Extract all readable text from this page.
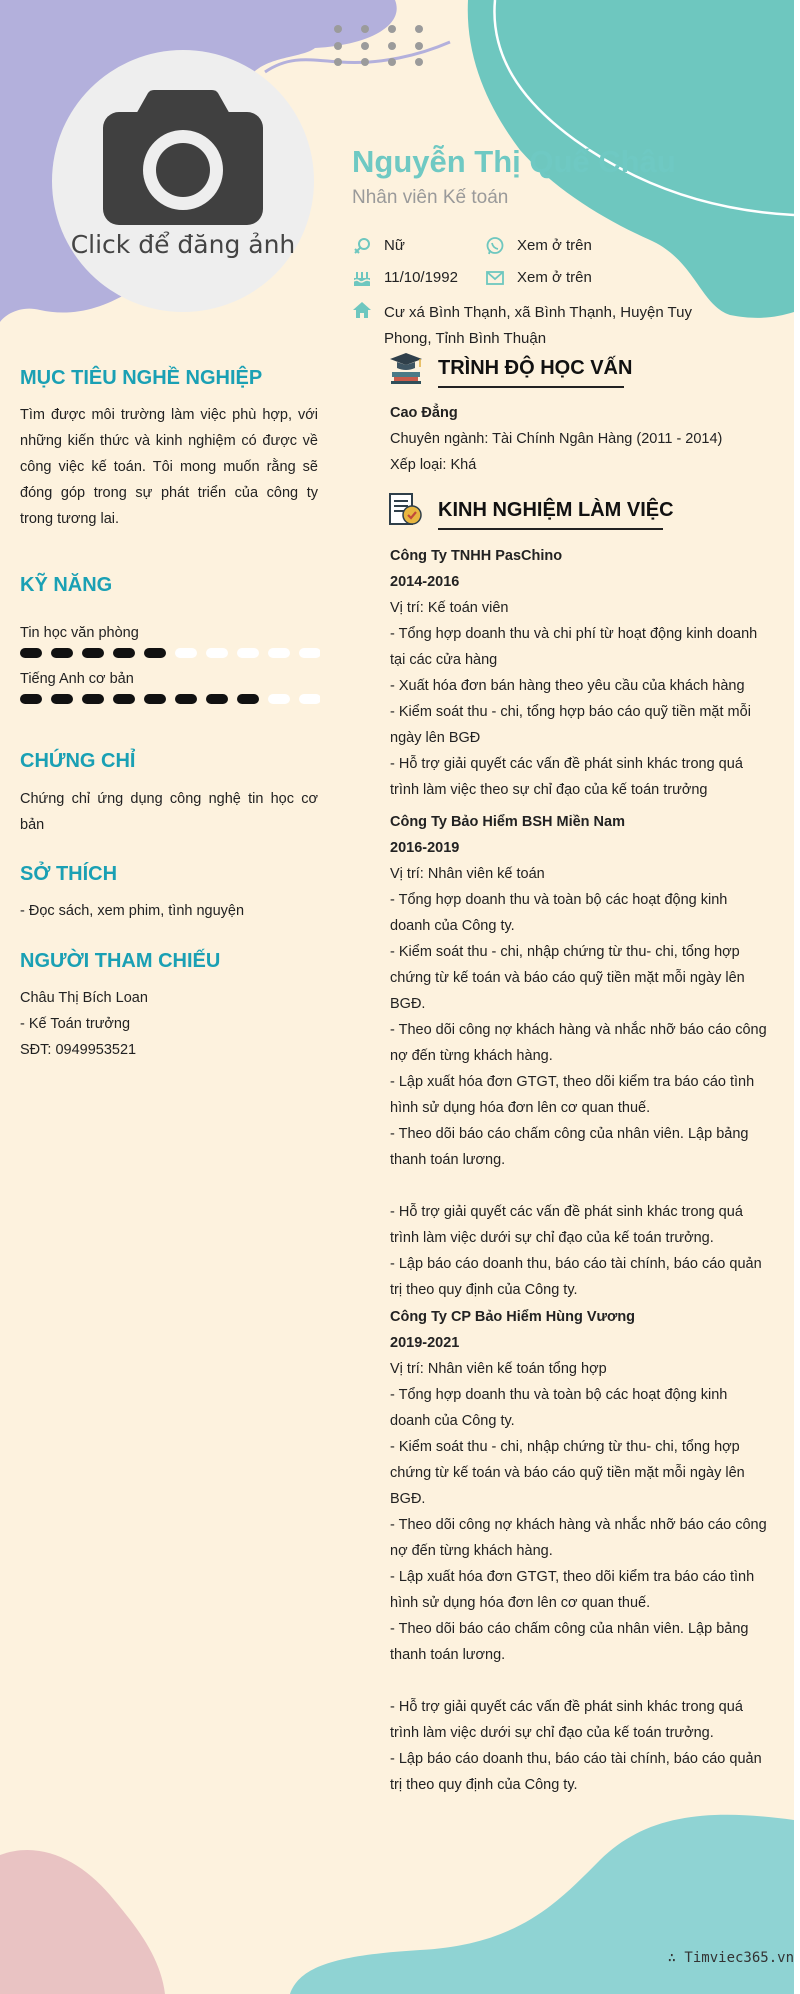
Click để đăng ảnh
Nguyễn Thị Quế Châu
Nhân viên Kế toán
Nữ	Xem ở trên
11/10/1992	Xem ở trên
Cư xá Bình Thạnh, xã Bình Thạnh, Huyện Tuy Phong, Tỉnh Bình Thuận
MỤC TIÊU NGHỀ NGHIỆP
Tìm được môi trường làm việc phù hợp, với những kiến thức và kinh nghiệm có được về công việc kế toán. Tôi mong muốn rằng sẽ đóng góp trong sự phát triển của công ty trong tương lai.
KỸ NĂNG
Tin học văn phòng
Tiếng Anh cơ bản
CHỨNG CHỈ
Chứng chỉ ứng dụng công nghệ tin học cơ bản
SỞ THÍCH
- Đọc sách, xem phim, tình nguyện
NGƯỜI THAM CHIẾU
Châu Thị Bích Loan
- Kế Toán trưởng
SĐT: 0949953521
TRÌNH ĐỘ HỌC VẤN
Cao Đẳng
Chuyên ngành: Tài Chính Ngân Hàng (2011 - 2014)
Xếp loại: Khá
KINH NGHIỆM LÀM VIỆC
Công Ty TNHH PasChino
2014-2016
Vị trí: Kế toán viên
- Tổng hợp doanh thu và chi phí từ hoạt động kinh doanh tại các cửa hàng
- Xuất hóa đơn bán hàng theo yêu cầu của khách hàng
- Kiểm soát thu - chi, tổng hợp báo cáo quỹ tiền mặt mỗi ngày lên BGĐ
- Hỗ trợ giải quyết các vấn đề phát sinh khác trong quá trình làm việc theo sự chỉ đạo của kế toán trưởng
Công Ty Bảo Hiểm BSH Miền Nam
2016-2019
Vị trí: Nhân viên kế toán
- Tổng hợp doanh thu và toàn bộ các hoạt động kinh doanh của Công ty.
- Kiểm soát thu - chi, nhập chứng từ thu- chi, tổng hợp chứng từ kế toán và báo cáo quỹ tiền mặt mỗi ngày lên BGĐ.
- Theo dõi công nợ khách hàng và nhắc nhỡ báo cáo công nợ đến từng khách hàng.
- Lập xuất hóa đơn GTGT, theo dõi kiểm tra báo cáo tình hình sử dụng hóa đơn lên cơ quan thuế.
- Theo dõi báo cáo chấm công của nhân viên. Lập bảng thanh toán lương.
- Hỗ trợ giải quyết các vấn đề phát sinh khác trong quá trình làm việc dưới sự chỉ đạo của kế toán trưởng.
- Lập báo cáo doanh thu, báo cáo tài chính, báo cáo quản trị theo quy định của Công ty.
Công Ty CP Bảo Hiểm Hùng Vương
2019-2021
Vị trí: Nhân viên kế toán tổng hợp
- Tổng hợp doanh thu và toàn bộ các hoạt động kinh doanh của Công ty.
- Kiểm soát thu - chi, nhập chứng từ thu- chi, tổng hợp chứng từ kế toán và báo cáo quỹ tiền mặt mỗi ngày lên BGĐ.
- Theo dõi công nợ khách hàng và nhắc nhỡ báo cáo công nợ đến từng khách hàng.
- Lập xuất hóa đơn GTGT, theo dõi kiểm tra báo cáo tình hình sử dụng hóa đơn lên cơ quan thuế.
- Theo dõi báo cáo chấm công của nhân viên. Lập bảng thanh toán lương.
- Hỗ trợ giải quyết các vấn đề phát sinh khác trong quá trình làm việc dưới sự chỉ đạo của kế toán trưởng.
- Lập báo cáo doanh thu, báo cáo tài chính, báo cáo quản trị theo quy định của Công ty.
∴ Timviec365.vn
